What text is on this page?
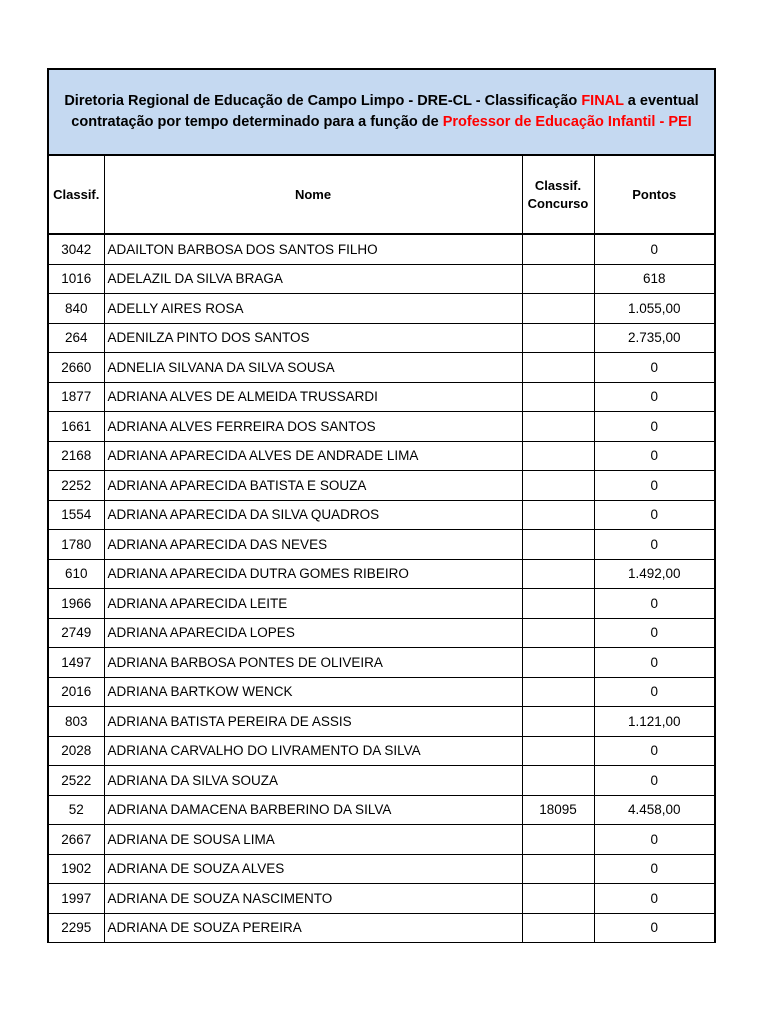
Diretoria Regional de Educação de Campo Limpo - DRE-CL - Classificação FINAL a eventual
contratação por tempo determinado para a função de Professor de Educação Infantil - PEI			
Classif.	Nome	Classif.
Concurso	Pontos
3042	ADAILTON BARBOSA DOS SANTOS FILHO		0
1016	ADELAZIL DA SILVA BRAGA		618
840	ADELLY AIRES ROSA		1.055,00
264	ADENILZA PINTO DOS SANTOS		2.735,00
2660	ADNELIA SILVANA DA SILVA SOUSA		0
1877	ADRIANA ALVES DE ALMEIDA TRUSSARDI		0
1661	ADRIANA ALVES FERREIRA DOS SANTOS		0
2168	ADRIANA APARECIDA ALVES DE ANDRADE LIMA		0
2252	ADRIANA APARECIDA BATISTA E SOUZA		0
1554	ADRIANA APARECIDA DA SILVA QUADROS		0
1780	ADRIANA APARECIDA DAS NEVES		0
610	ADRIANA APARECIDA DUTRA GOMES RIBEIRO		1.492,00
1966	ADRIANA APARECIDA LEITE		0
2749	ADRIANA APARECIDA LOPES		0
1497	ADRIANA BARBOSA PONTES DE OLIVEIRA		0
2016	ADRIANA BARTKOW WENCK		0
803	ADRIANA BATISTA PEREIRA DE ASSIS		1.121,00
2028	ADRIANA CARVALHO DO LIVRAMENTO DA SILVA		0
2522	ADRIANA DA SILVA SOUZA		0
52	ADRIANA DAMACENA BARBERINO DA SILVA	18095	4.458,00
2667	ADRIANA DE SOUSA LIMA		0
1902	ADRIANA DE SOUZA ALVES		0
1997	ADRIANA DE SOUZA NASCIMENTO		0
2295	ADRIANA DE SOUZA PEREIRA		0
